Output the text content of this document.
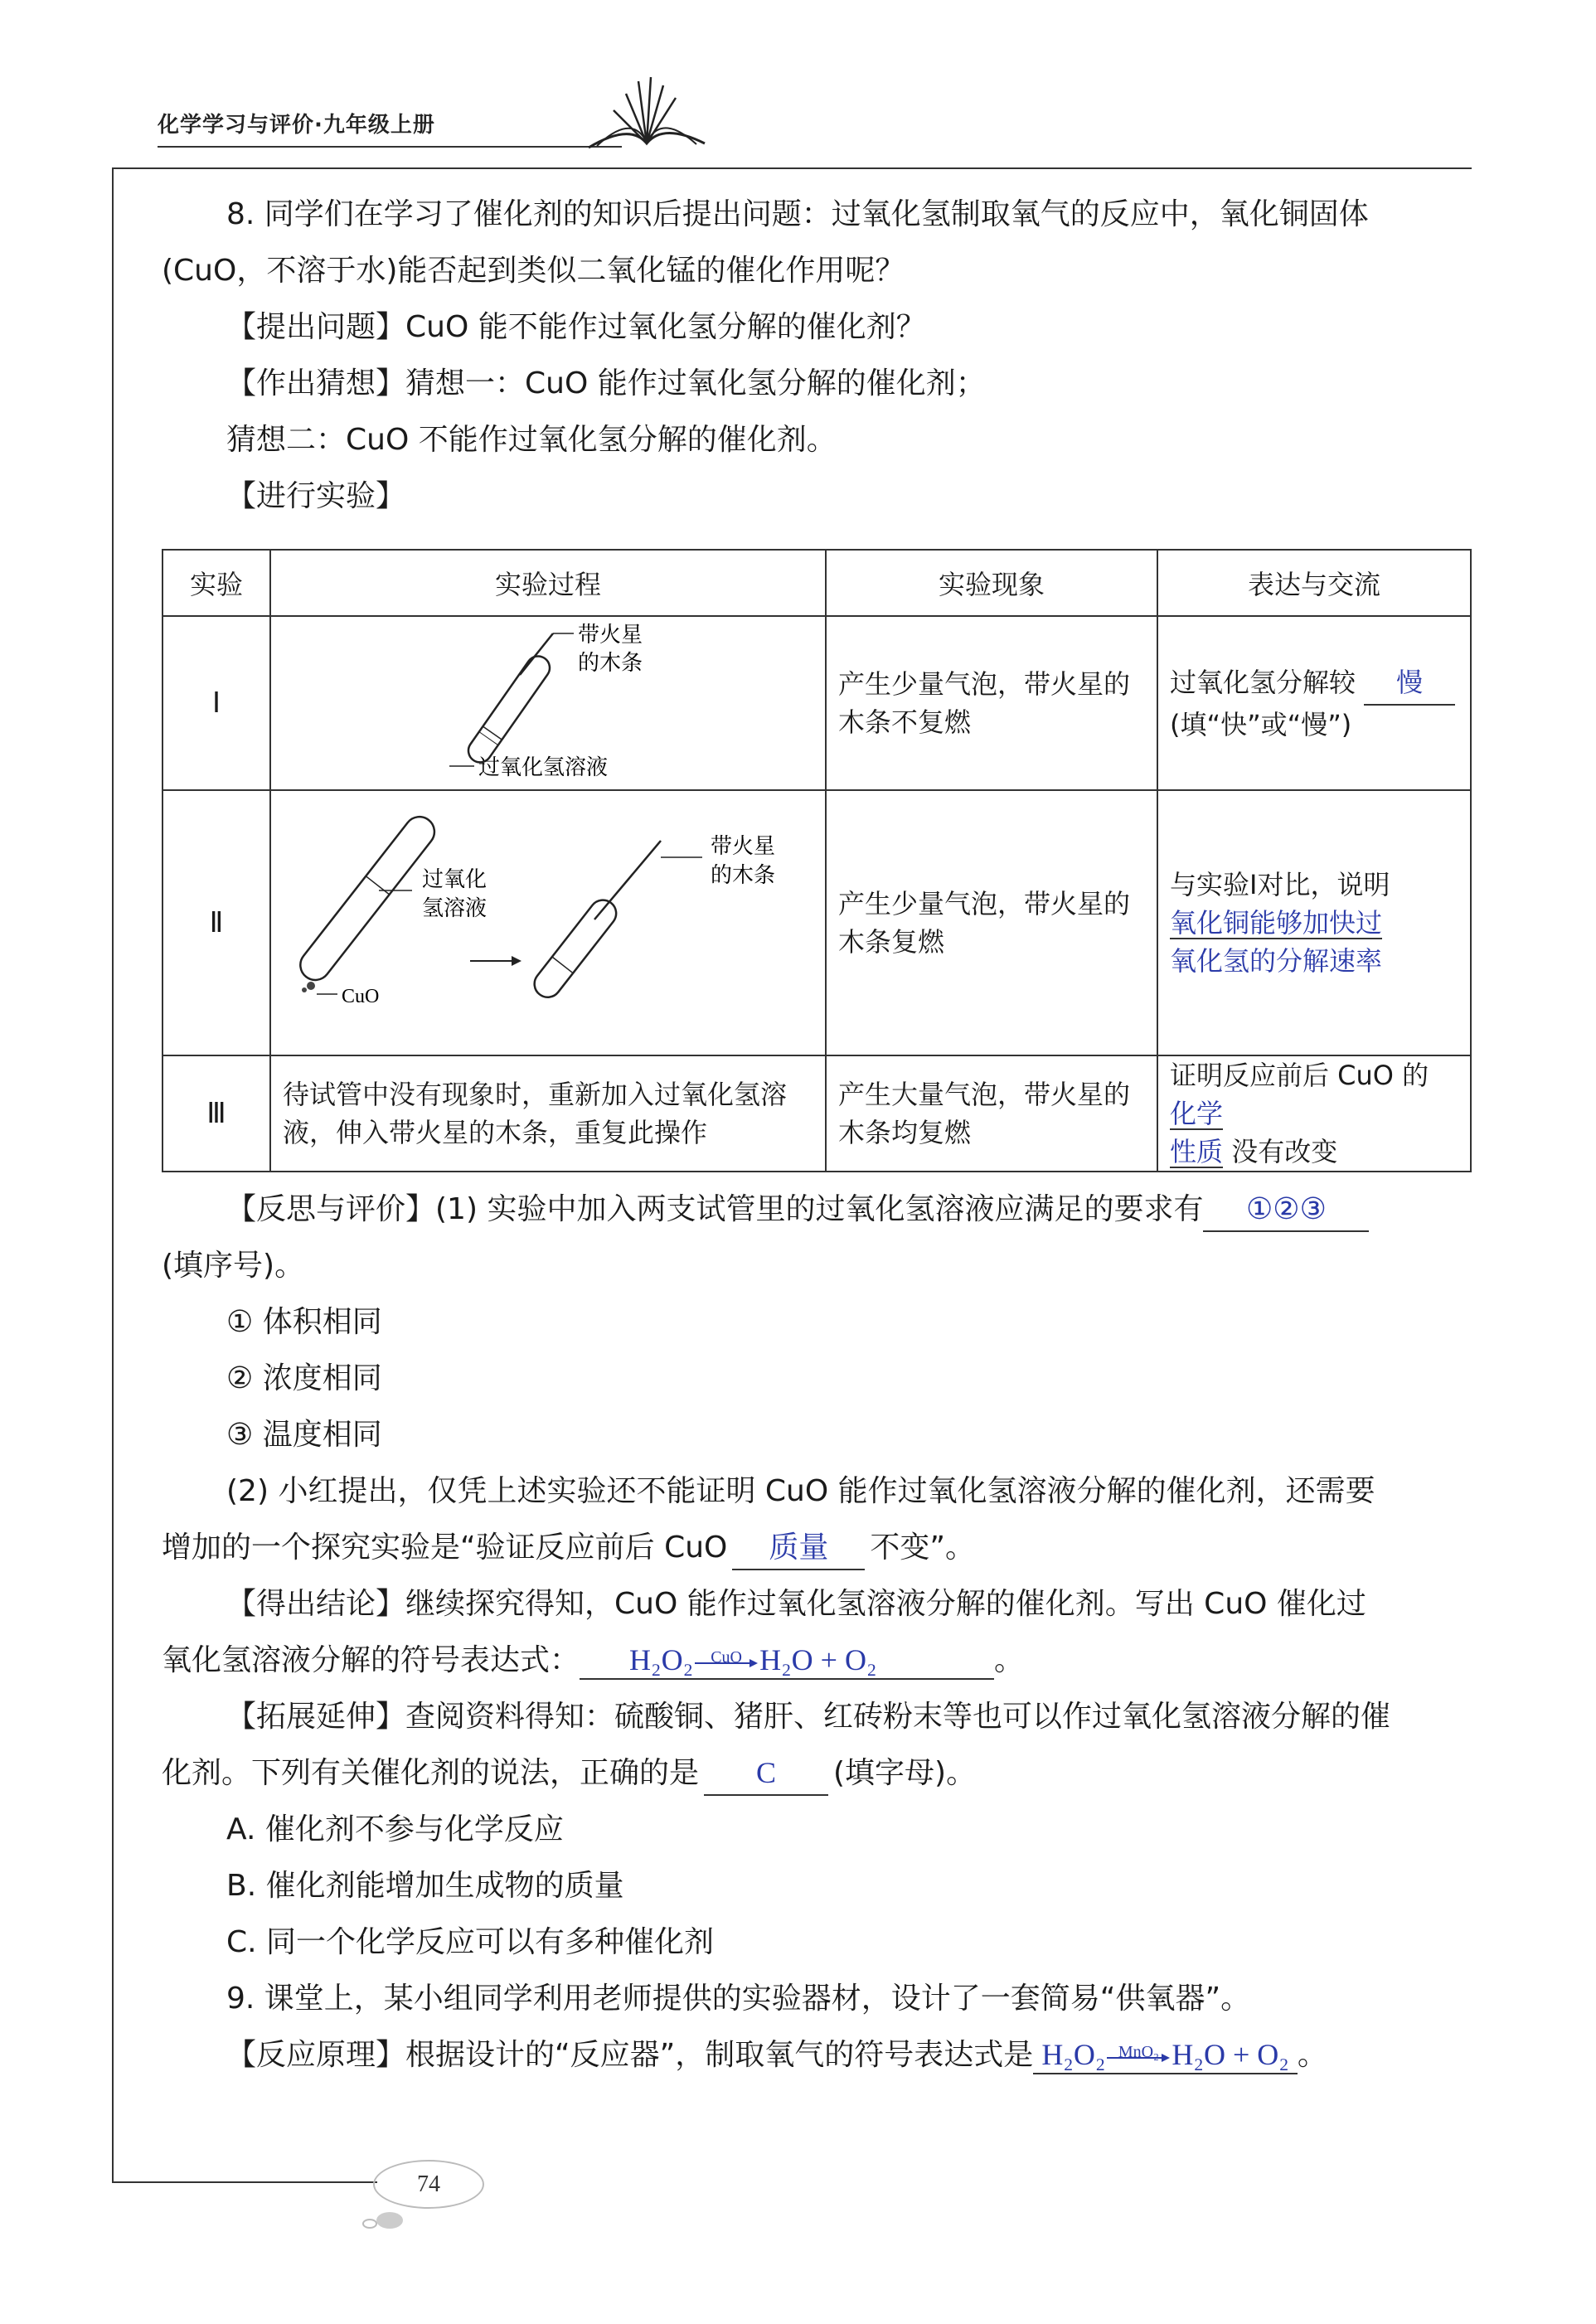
化学学习与评价·九年级上册

8. 同学们在学习了催化剂的知识后提出问题：过氧化氢制取氧气的反应中，氧化铜固体

(CuO，不溶于水)能否起到类似二氧化锰的催化作用呢？

【提出问题】CuO 能不能作过氧化氢分解的催化剂？

【作出猜想】猜想一：CuO 能作过氧化氢分解的催化剂；

猜想二：CuO 不能作过氧化氢分解的催化剂。

【进行实验】

实验	实验过程	实验现象	表达与交流
Ⅰ	带火星
的木条
过氧化氢溶液	产生少量气泡，带火星的木条不复燃	过氧化氢分解较 慢
(填“快”或“慢”)
Ⅱ	CuO
过氧化
氢溶液
带火星
的木条	产生少量气泡，带火星的木条复燃	与实验Ⅰ对比，说明
氧化铜能够加快过
氧化氢的分解速率
Ⅲ	待试管中没有现象时，重新加入过氧化氢溶液，伸入带火星的木条，重复此操作	产生大量气泡，带火星的木条均复燃	证明反应前后 CuO 的 化学
性质 没有改变

【反思与评价】(1) 实验中加入两支试管里的过氧化氢溶液应满足的要求有 ①②③

(填序号)。

① 体积相同

② 浓度相同

③ 温度相同

(2) 小红提出，仅凭上述实验还不能证明 CuO 能作过氧化氢溶液分解的催化剂，还需要

增加的一个探究实验是“验证反应前后 CuO 质量 不变”。

【得出结论】继续探究得知，CuO 能作过氧化氢溶液分解的催化剂。写出 CuO 催化过

氧化氢溶液分解的符号表达式： H₂O₂	CuO H₂O + O₂	。

【拓展延伸】查阅资料得知：硫酸铜、猪肝、红砖粉末等也可以作过氧化氢溶液分解的催

化剂。下列有关催化剂的说法，正确的是 C (填字母)。

A. 催化剂不参与化学反应

B. 催化剂能增加生成物的质量

C. 同一个化学反应可以有多种催化剂

9. 课堂上，某小组同学利用老师提供的实验器材，设计了一套简易“供氧器”。

【反应原理】根据设计的“反应器”，制取氧气的符号表达式是 H₂O₂ MnO₂ H₂O + O₂ 。

74
